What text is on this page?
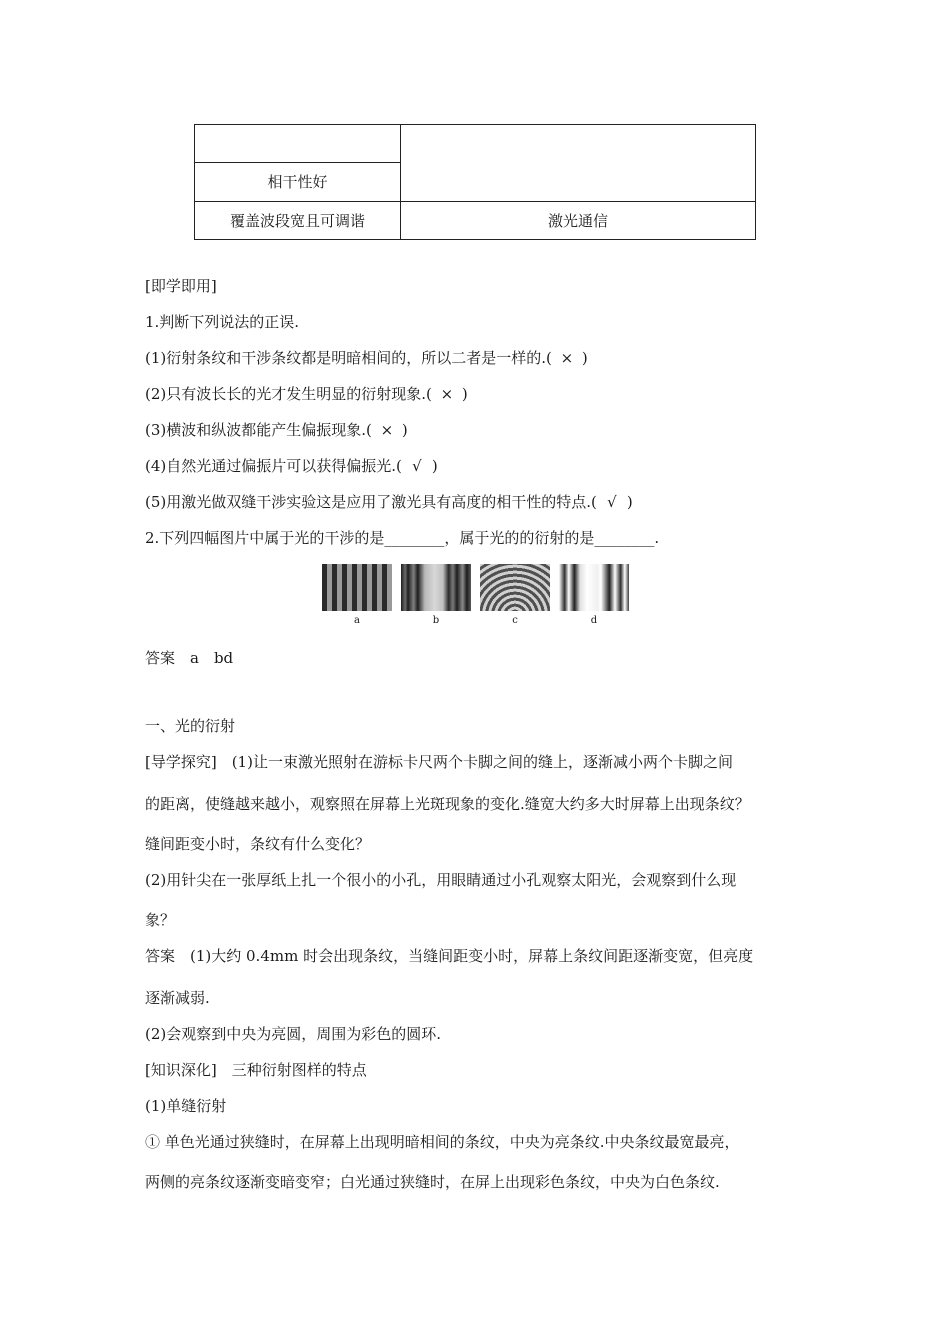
相干性好	
覆盖波段宽且可调谐	激光通信
[即学即用]
1.判断下列说法的正误.
(1)衍射条纹和干涉条纹都是明暗相间的，所以二者是一样的.( × )
(2)只有波长长的光才发生明显的衍射现象.( × )
(3)横波和纵波都能产生偏振现象.( × )
(4)自然光通过偏振片可以获得偏振光.( √ )
(5)用激光做双缝干涉实验这是应用了激光具有高度的相干性的特点.( √ )
2.下列四幅图片中属于光的干涉的是________，属于光的的衍射的是________.
a	b	c	d
答案　a　bd
一、光的衍射
[导学探究]　(1)让一束激光照射在游标卡尺两个卡脚之间的缝上，逐渐减小两个卡脚之间
的距离，使缝越来越小，观察照在屏幕上光斑现象的变化.缝宽大约多大时屏幕上出现条纹？
缝间距变小时，条纹有什么变化？
(2)用针尖在一张厚纸上扎一个很小的小孔，用眼睛通过小孔观察太阳光，会观察到什么现
象？
答案　(1)大约 0.4mm 时会出现条纹，当缝间距变小时，屏幕上条纹间距逐渐变宽，但亮度
逐渐减弱.
(2)会观察到中央为亮圆，周围为彩色的圆环.
[知识深化]　三种衍射图样的特点
(1)单缝衍射
① 单色光通过狭缝时，在屏幕上出现明暗相间的条纹，中央为亮条纹.中央条纹最宽最亮，
两侧的亮条纹逐渐变暗变窄；白光通过狭缝时，在屏上出现彩色条纹，中央为白色条纹.
